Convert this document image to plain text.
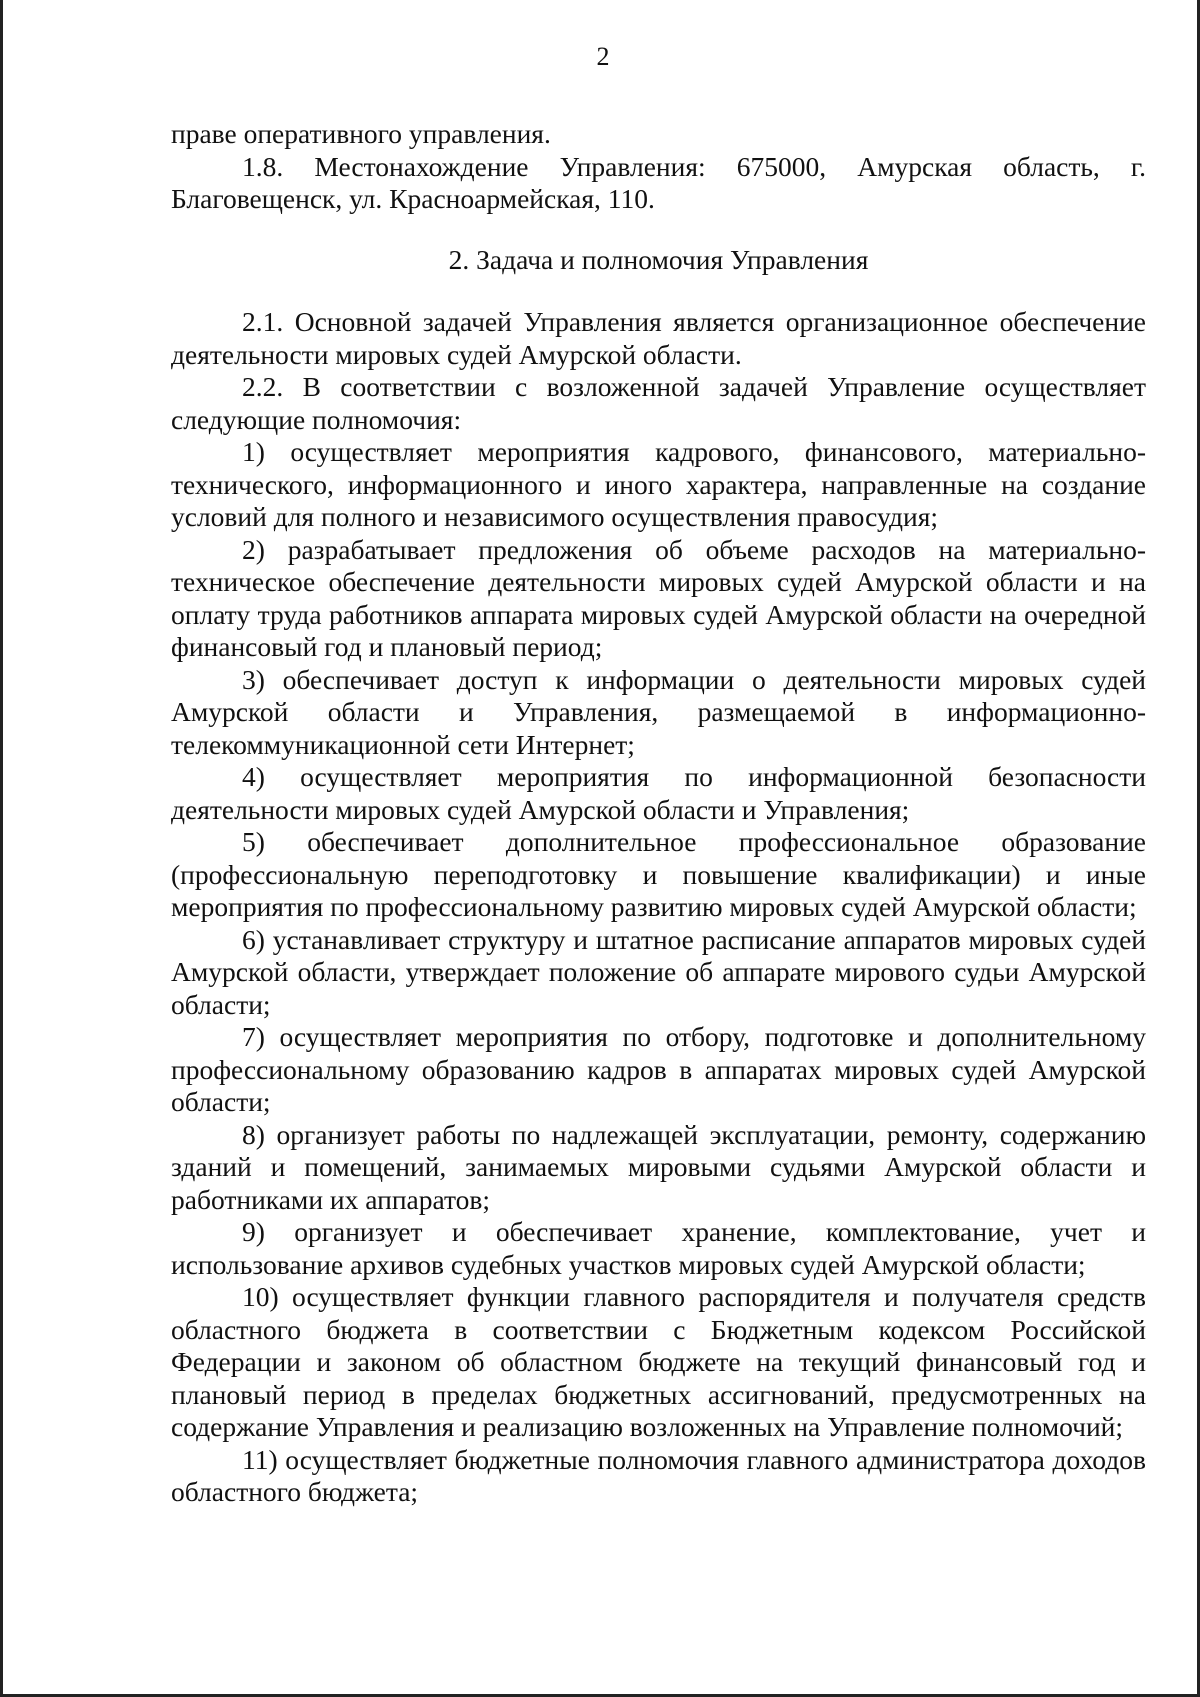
2

праве оперативного управления.

1.8. Местонахождение Управления: 675000, Амурская область, г. Благовещенск, ул. Красноармейская, 110.

2. Задача и полномочия Управления

2.1. Основной задачей Управления является организационное обеспечение деятельности мировых судей Амурской области.

2.2. В соответствии с возложенной задачей Управление осуществляет следующие полномочия:

1) осуществляет мероприятия кадрового, финансового, материально-технического, информационного и иного характера, направленные на создание условий для полного и независимого осуществления правосудия;

2) разрабатывает предложения об объеме расходов на материально-техническое обеспечение деятельности мировых судей Амурской области и на оплату труда работников аппарата мировых судей Амурской области на очередной финансовый год и плановый период;

3) обеспечивает доступ к информации о деятельности мировых судей Амурской области и Управления, размещаемой в информационно-телекоммуникационной сети Интернет;

4) осуществляет мероприятия по информационной безопасности деятельности мировых судей Амурской области и Управления;

5) обеспечивает дополнительное профессиональное образование (профессиональную переподготовку и повышение квалификации) и иные мероприятия по профессиональному развитию мировых судей Амурской области;

6) устанавливает структуру и штатное расписание аппаратов мировых судей Амурской области, утверждает положение об аппарате мирового судьи Амурской области;

7) осуществляет мероприятия по отбору, подготовке и дополнительному профессиональному образованию кадров в аппаратах мировых судей Амурской области;

8) организует работы по надлежащей эксплуатации, ремонту, содержанию зданий и помещений, занимаемых мировыми судьями Амурской области и работниками их аппаратов;

9) организует и обеспечивает хранение, комплектование, учет и использование архивов судебных участков мировых судей Амурской области;

10) осуществляет функции главного распорядителя и получателя средств областного бюджета в соответствии с Бюджетным кодексом Российской Федерации и законом об областном бюджете на текущий финансовый год и плановый период в пределах бюджетных ассигнований, предусмотренных на содержание Управления и реализацию возложенных на Управление полномочий;

11) осуществляет бюджетные полномочия главного администратора доходов областного бюджета;
